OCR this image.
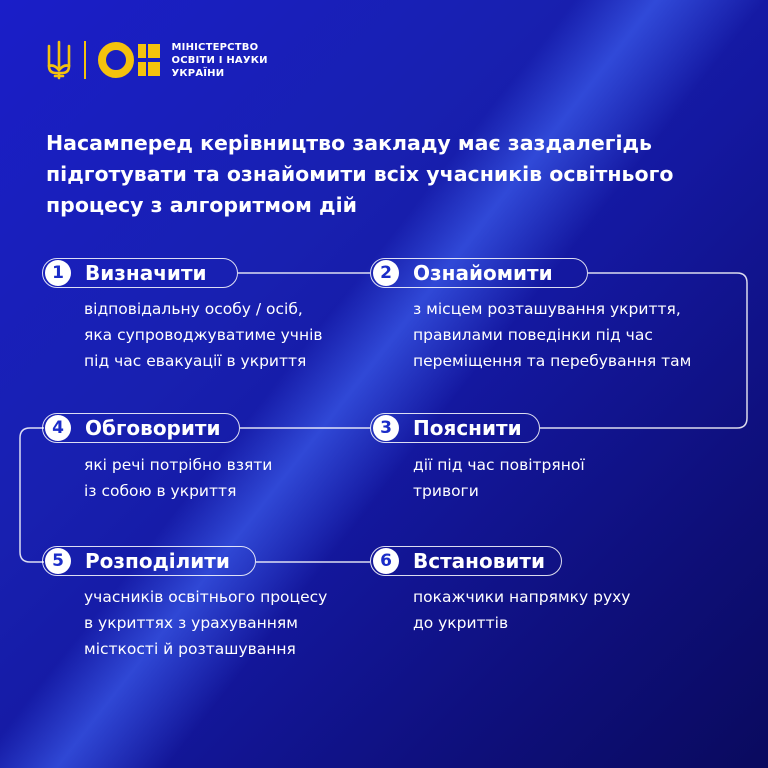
МІНІСТЕРСТВО
ОСВІТИ І НАУКИ
УКРАЇНИ
Насамперед керівництво закладу має заздалегідь підготувати та ознайомити всіх учасників освітнього процесу з алгоритмом дій
1	Визначити

відповідальну особу / осіб,
яка супроводжуватиме учнів
під час евакуації в укриття

2	Ознайомити

з місцем розташування укриття,
правилами поведінки під час
переміщення та перебування там

4	Обговорити

які речі потрібно взяти
із собою в укриття

3	Пояснити

дії під час повітряної
тривоги

5	Розподілити

учасників освітнього процесу
в укриттях з урахуванням
місткості й розташування

6	Встановити

покажчики напрямку руху
до укриттів
